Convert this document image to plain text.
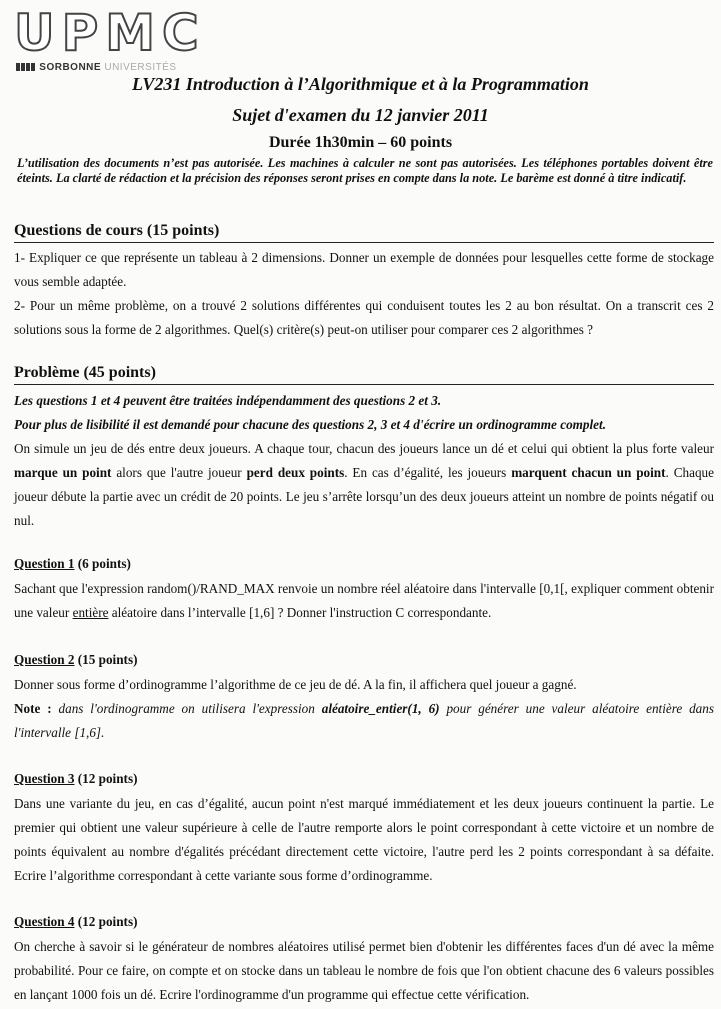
UPMC
SORBONNE UNIVERSITÉS
LV231 Introduction à l’Algorithmique et à la Programmation
Sujet d'examen du 12 janvier 2011
Durée 1h30min – 60 points
L’utilisation des documents n’est pas autorisée. Les machines à calculer ne sont pas autorisées. Les téléphones portables doivent être éteints. La clarté de rédaction et la précision des réponses seront prises en compte dans la note. Le barème est donné à titre indicatif.
Questions de cours (15 points)
1- Expliquer ce que représente un tableau à 2 dimensions. Donner un exemple de données pour lesquelles cette forme de stockage vous semble adaptée.
2- Pour un même problème, on a trouvé 2 solutions différentes qui conduisent toutes les 2 au bon résultat. On a transcrit ces 2 solutions sous la forme de 2 algorithmes. Quel(s) critère(s) peut-on utiliser pour comparer ces 2 algorithmes ?
Problème (45 points)
Les questions 1 et 4 peuvent être traitées indépendamment des questions 2 et 3.
Pour plus de lisibilité il est demandé pour chacune des questions 2, 3 et 4 d'écrire un ordinogramme complet.
On simule un jeu de dés entre deux joueurs. A chaque tour, chacun des joueurs lance un dé et celui qui obtient la plus forte valeur marque un point alors que l'autre joueur perd deux points. En cas d’égalité, les joueurs marquent chacun un point. Chaque joueur débute la partie avec un crédit de 20 points. Le jeu s’arrête lorsqu’un des deux joueurs atteint un nombre de points négatif ou nul.
Question 1 (6 points)
Sachant que l'expression random()/RAND_MAX renvoie un nombre réel aléatoire dans l'intervalle [0,1[, expliquer comment obtenir une valeur entière aléatoire dans l’intervalle [1,6] ? Donner l'instruction C correspondante.
Question 2 (15 points)
Donner sous forme d’ordinogramme l’algorithme de ce jeu de dé. A la fin, il affichera quel joueur a gagné.
Note : dans l'ordinogramme on utilisera l'expression aléatoire_entier(1, 6) pour générer une valeur aléatoire entière dans l'intervalle [1,6].
Question 3 (12 points)
Dans une variante du jeu, en cas d’égalité, aucun point n'est marqué immédiatement et les deux joueurs continuent la partie. Le premier qui obtient une valeur supérieure à celle de l'autre remporte alors le point correspondant à cette victoire et un nombre de points équivalent au nombre d'égalités précédant directement cette victoire, l'autre perd les 2 points correspondant à sa défaite. Ecrire l’algorithme correspondant à cette variante sous forme d’ordinogramme.
Question 4 (12 points)
On cherche à savoir si le générateur de nombres aléatoires utilisé permet bien d'obtenir les différentes faces d'un dé avec la même probabilité. Pour ce faire, on compte et on stocke dans un tableau le nombre de fois que l'on obtient chacune des 6 valeurs possibles en lançant 1000 fois un dé. Ecrire l'ordinogramme d'un programme qui effectue cette vérification.
